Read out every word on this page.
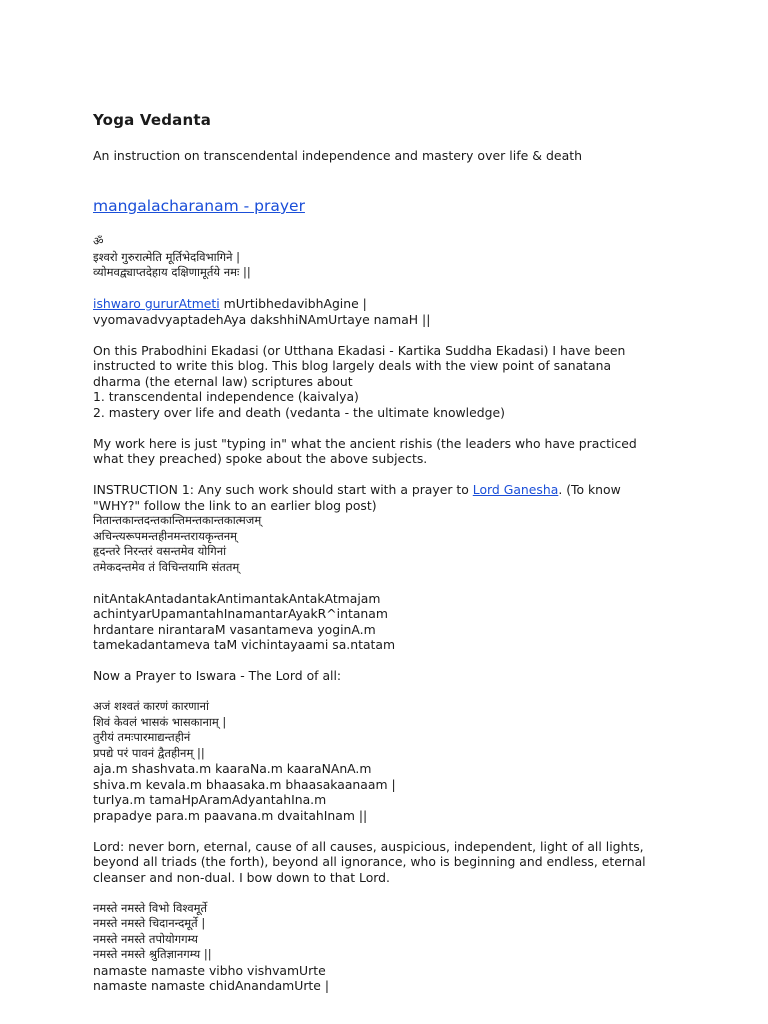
Yoga Vedanta

An instruction on transcendental independence and mastery over life & death

mangalacharanam - prayer

ॐ
इश्वरो गुरुरात्मेति मूर्तिभेदविभागिने |
व्योमवद्व्याप्तदेहाय दक्षिणामूर्तये नमः ||

ishwaro gururAtmeti mUrtibhedavibhAgine |
vyomavadvyaptadehAya dakshhiNAmUrtaye namaH ||

On this Prabodhini Ekadasi (or Utthana Ekadasi - Kartika Suddha Ekadasi) I have been
instructed to write this blog. This blog largely deals with the view point of sanatana
dharma (the eternal law) scriptures about
1. transcendental independence (kaivalya)
2. mastery over life and death (vedanta - the ultimate knowledge)

My work here is just "typing in" what the ancient rishis (the leaders who have practiced
what they preached) spoke about the above subjects.

INSTRUCTION 1: Any such work should start with a prayer to Lord Ganesha. (To know
"WHY?" follow the link to an earlier blog post)
नितान्तकान्तदन्तकान्तिमन्तकान्तकात्मजम्
अचिन्त्यरूपमन्तहीनमन्तरायकृन्तनम्
हृदन्तरे निरन्तरं वसन्तमेव योगिनां
तमेकदन्तमेव तं विचिन्तयामि संततम्

nitAntakAntadantakAntimantakAntakAtmajam
achintyarUpamantahInamantarAyakR^intanam
hrdantare nirantaraM vasantameva yoginA.m
tamekadantameva taM vichintayaami sa.ntatam

Now a Prayer to Iswara - The Lord of all:

अजं शश्वतं कारणं कारणानां
शिवं केवलं भासकं भासकानाम् |
तुरीयं तमःपारमाद्यन्तहीनं
प्रपद्ये परं पावनं द्वैतहीनम् ||
aja.m shashvata.m kaaraNa.m kaaraNAnA.m
shiva.m kevala.m bhaasaka.m bhaasakaanaam |
turIya.m tamaHpAramAdyantahIna.m
prapadye para.m paavana.m dvaitahInam ||

Lord: never born, eternal, cause of all causes, auspicious, independent, light of all lights,
beyond all triads (the forth), beyond all ignorance, who is beginning and endless, eternal
cleanser and non-dual. I bow down to that Lord.

नमस्ते नमस्ते विभो विश्वमूर्ते
नमस्ते नमस्ते चिदानन्दमूर्ते |
नमस्ते नमस्ते तपोयोगगम्य
नमस्ते नमस्ते श्रुतिज्ञानगम्य ||
namaste namaste vibho vishvamUrte
namaste namaste chidAnandamUrte |
